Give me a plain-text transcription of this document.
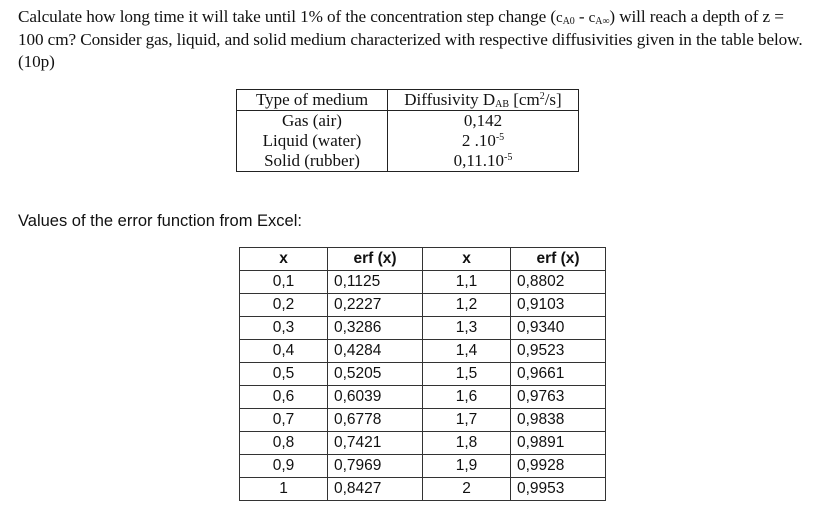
Calculate how long time it will take until 1% of the concentration step change $(c_{A0} - c_{A\infty})$ will reach a depth of z = 100 cm? Consider gas, liquid, and solid medium characterized with respective diffusivities given in the table below. (10p)
Type of medium	Diffusivity $D_{AB}$ $[cm^2/s]$
Gas (air)	0,142
Liquid (water)	2 $.10^{-5}$
Solid (rubber)	$0,11.10^{-5}$
Values of the error function from Excel:
x	erf (x)	x	erf (x)
0,1	0,1125	1,1	0,8802
0,2	0,2227	1,2	0,9103
0,3	0,3286	1,3	0,9340
0,4	0,4284	1,4	0,9523
0,5	0,5205	1,5	0,9661
0,6	0,6039	1,6	0,9763
0,7	0,6778	1,7	0,9838
0,8	0,7421	1,8	0,9891
0,9	0,7969	1,9	0,9928
1	0,8427	2	0,9953
